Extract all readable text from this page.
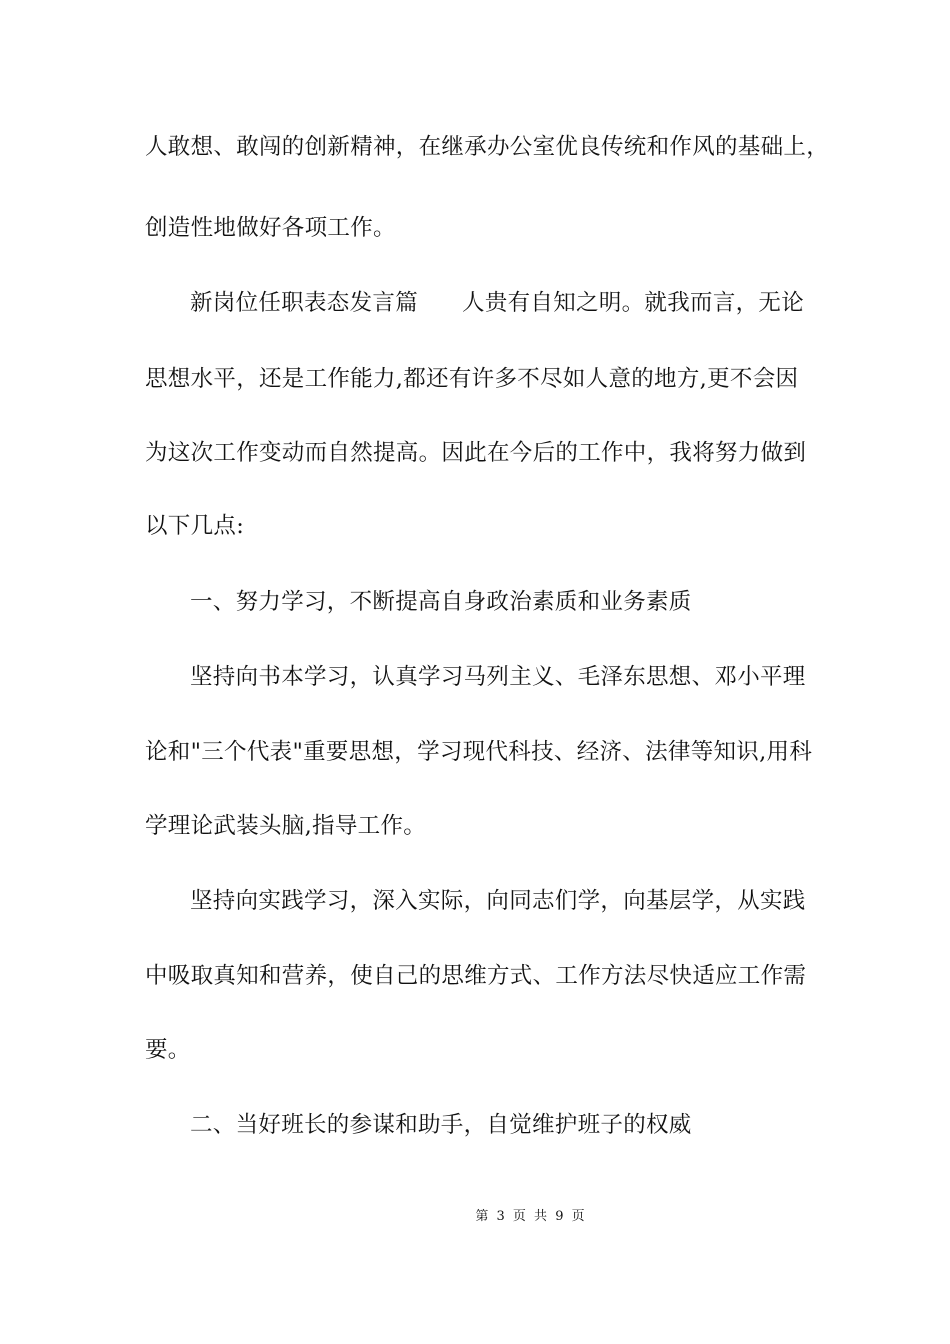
人敢想、敢闯的创新精神，在继承办公室优良传统和作风的基础上，
创造性地做好各项工作。
新岗位任职表态发言篇 人贵有自知之明。就我而言，无论
思想水平，还是工作能力,都还有许多不尽如人意的地方,更不会因
为这次工作变动而自然提高。因此在今后的工作中，我将努力做到
以下几点:
一、努力学习，不断提高自身政治素质和业务素质
坚持向书本学习，认真学习马列主义、毛泽东思想、邓小平理
论和"三个代表"重要思想，学习现代科技、经济、法律等知识,用科
学理论武装头脑,指导工作。
坚持向实践学习，深入实际，向同志们学，向基层学，从实践
中吸取真知和营养，使自己的思维方式、工作方法尽快适应工作需
要。
二、当好班长的参谋和助手，自觉维护班子的权威
第 3 页 共 9 页
